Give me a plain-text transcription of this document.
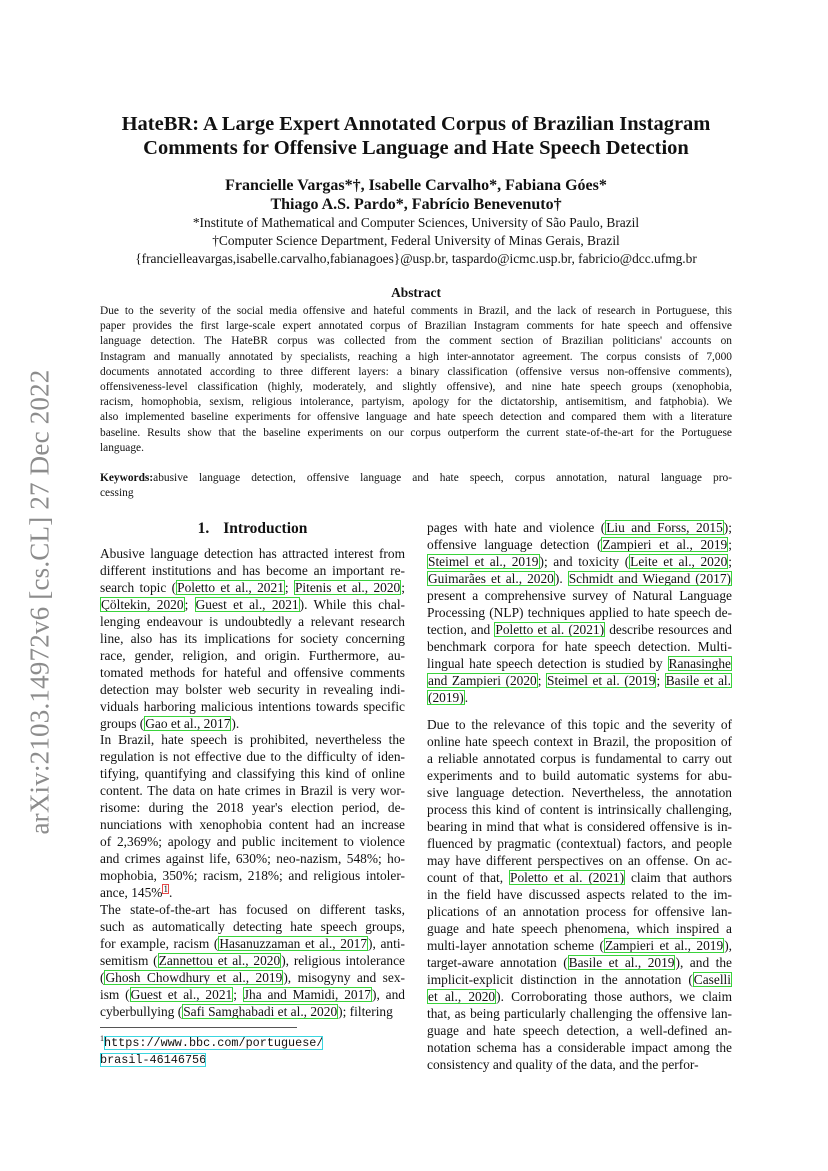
arXiv:2103.14972v6 [cs.CL] 27 Dec 2022
HateBR: A Large Expert Annotated Corpus of Brazilian Instagram
Comments for Offensive Language and Hate Speech Detection
Francielle Vargas*†, Isabelle Carvalho*, Fabiana Góes*
Thiago A.S. Pardo*, Fabrício Benevenuto†
*Institute of Mathematical and Computer Sciences, University of São Paulo, Brazil
†Computer Science Department, Federal University of Minas Gerais, Brazil
{francielleavargas,isabelle.carvalho,fabianagoes}@usp.br, taspardo@icmc.usp.br, fabricio@dcc.ufmg.br
Abstract
Due to the severity of the social media offensive and hateful comments in Brazil, and the lack of research in Portuguese, this
paper provides the first large-scale expert annotated corpus of Brazilian Instagram comments for hate speech and offensive
language detection. The HateBR corpus was collected from the comment section of Brazilian politicians' accounts on
Instagram and manually annotated by specialists, reaching a high inter-annotator agreement. The corpus consists of 7,000
documents annotated according to three different layers: a binary classification (offensive versus non-offensive comments),
offensiveness-level classification (highly, moderately, and slightly offensive), and nine hate speech groups (xenophobia,
racism, homophobia, sexism, religious intolerance, partyism, apology for the dictatorship, antisemitism, and fatphobia). We
also implemented baseline experiments for offensive language and hate speech detection and compared them with a literature
baseline. Results show that the baseline experiments on our corpus outperform the current state-of-the-art for the Portuguese
language.
Keywords:abusive language detection, offensive language and hate speech, corpus annotation, natural language pro-
cessing
1. Introduction
Abusive language detection has attracted interest from
different institutions and has become an important re-
search topic (Poletto et al., 2021; Pitenis et al., 2020;
Çöltekin, 2020; Guest et al., 2021). While this chal-
lenging endeavour is undoubtedly a relevant research
line, also has its implications for society concerning
race, gender, religion, and origin. Furthermore, au-
tomated methods for hateful and offensive comments
detection may bolster web security in revealing indi-
viduals harboring malicious intentions towards specific
groups (Gao et al., 2017).
In Brazil, hate speech is prohibited, nevertheless the
regulation is not effective due to the difficulty of iden-
tifying, quantifying and classifying this kind of online
content. The data on hate crimes in Brazil is very wor-
risome: during the 2018 year's election period, de-
nunciations with xenophobia content had an increase
of 2,369%; apology and public incitement to violence
and crimes against life, 630%; neo-nazism, 548%; ho-
mophobia, 350%; racism, 218%; and religious intoler-
ance, 145%$^1$.
The state-of-the-art has focused on different tasks,
such as automatically detecting hate speech groups,
for example, racism (Hasanuzzaman et al., 2017), anti-
semitism (Zannettou et al., 2020), religious intolerance
(Ghosh Chowdhury et al., 2019), misogyny and sex-
ism (Guest et al., 2021; Jha and Mamidi, 2017), and
cyberbullying (Safi Samghabadi et al., 2020); filtering
pages with hate and violence (Liu and Forss, 2015);
offensive language detection (Zampieri et al., 2019;
Steimel et al., 2019); and toxicity (Leite et al., 2020;
Guimarães et al., 2020). Schmidt and Wiegand (2017)
present a comprehensive survey of Natural Language
Processing (NLP) techniques applied to hate speech de-
tection, and Poletto et al. (2021) describe resources and
benchmark corpora for hate speech detection. Multi-
lingual hate speech detection is studied by Ranasinghe
and Zampieri (2020; Steimel et al. (2019; Basile et al.
(2019).
Due to the relevance of this topic and the severity of
online hate speech context in Brazil, the proposition of
a reliable annotated corpus is fundamental to carry out
experiments and to build automatic systems for abu-
sive language detection. Nevertheless, the annotation
process this kind of content is intrinsically challenging,
bearing in mind that what is considered offensive is in-
fluenced by pragmatic (contextual) factors, and people
may have different perspectives on an offense. On ac-
count of that, Poletto et al. (2021) claim that authors
in the field have discussed aspects related to the im-
plications of an annotation process for offensive lan-
guage and hate speech phenomena, which inspired a
multi-layer annotation scheme (Zampieri et al., 2019),
target-aware annotation (Basile et al., 2019), and the
implicit-explicit distinction in the annotation (Caselli
et al., 2020). Corroborating those authors, we claim
that, as being particularly challenging the offensive lan-
guage and hate speech detection, a well-defined an-
notation schema has a considerable impact among the
consistency and quality of the data, and the perfor-
$^1$https://www.bbc.com/portuguese/
brasil-46146756
